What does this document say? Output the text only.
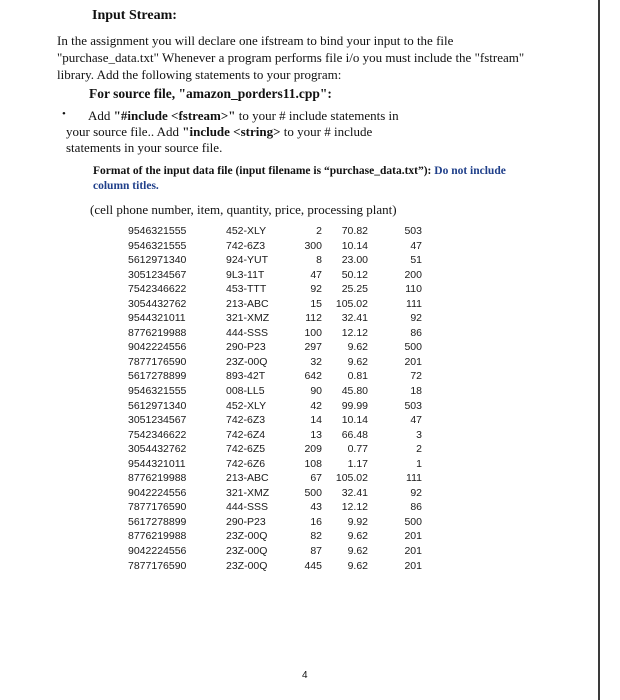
Input Stream:
In the assignment you will declare one ifstream to bind your input to the file
"purchase_data.txt" Whenever a program performs file i/o you must include the "fstream"
library. Add the following statements to your program:
For source file, "amazon_porders11.cpp":
•	Add "#include <fstream>" to your # include statements in
your source file.. Add "include <string> to your # include
statements in your source file.
Format of the input data file (input filename is “purchase_data.txt”): Do not include column titles.
(cell phone number, item, quantity, price, processing plant)
9546321555	452-XLY	2	70.82	503
9546321555	742-6Z3	300	10.14	47
5612971340	924-YUT	8	23.00	51
3051234567	9L3-11T	47	50.12	200
7542346622	453-TTT	92	25.25	110
3054432762	213-ABC	15	105.02	111
9544321011	321-XMZ	112	32.41	92
8776219988	444-SSS	100	12.12	86
9042224556	290-P23	297	9.62	500
7877176590	23Z-00Q	32	9.62	201
5617278899	893-42T	642	0.81	72
9546321555	008-LL5	90	45.80	18
5612971340	452-XLY	42	99.99	503
3051234567	742-6Z3	14	10.14	47
7542346622	742-6Z4	13	66.48	3
3054432762	742-6Z5	209	0.77	2
9544321011	742-6Z6	108	1.17	1
8776219988	213-ABC	67	105.02	111
9042224556	321-XMZ	500	32.41	92
7877176590	444-SSS	43	12.12	86
5617278899	290-P23	16	9.92	500
8776219988	23Z-00Q	82	9.62	201
9042224556	23Z-00Q	87	9.62	201
7877176590	23Z-00Q	445	9.62	201
4
